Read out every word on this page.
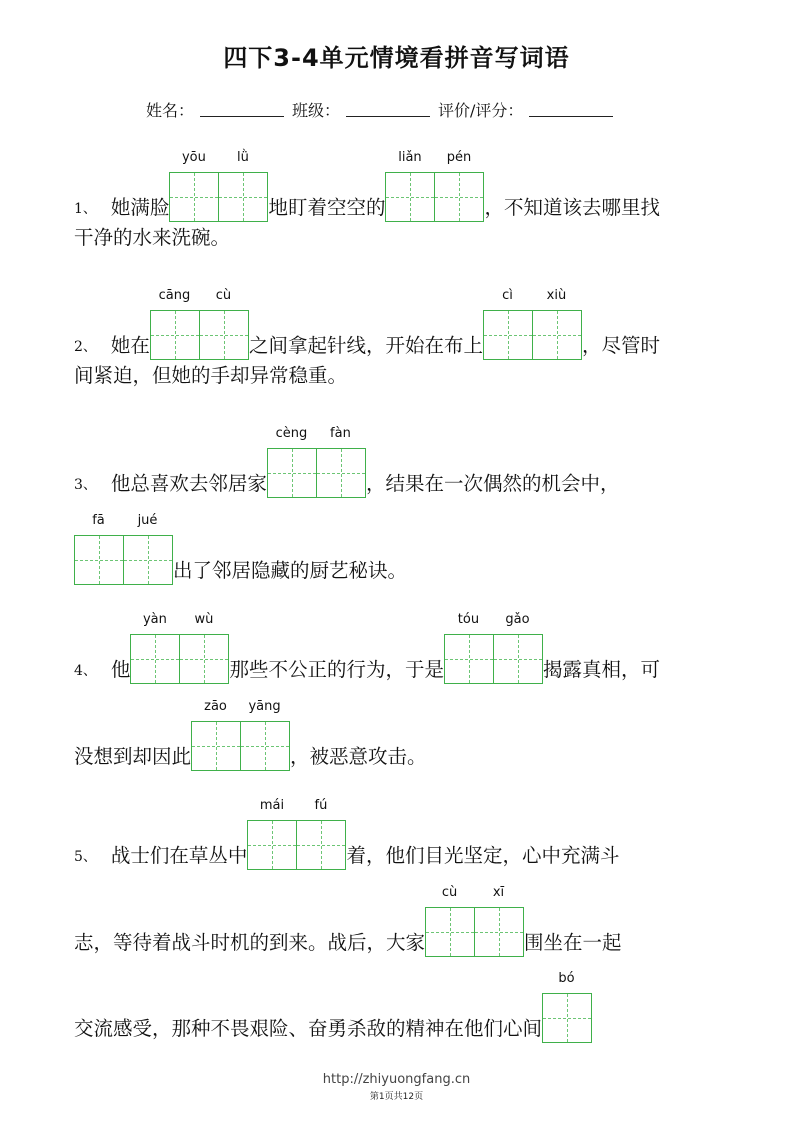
四下3-4单元情境看拼音写词语
姓名：	班级：	评价/评分：
1、 她满脸
yōu	lǜ
地盯着空空的
liǎn	pén
，不知道该去哪里找
干净的水来洗碗。
2、 她在
cāng	cù
之间拿起针线，开始在布上
cì	xiù
，尽管时
间紧迫，但她的手却异常稳重。
3、 他总喜欢去邻居家
cèng	fàn
，结果在一次偶然的机会中，
fā	jué
出了邻居隐藏的厨艺秘诀。
4、 他
yàn	wù
那些不公正的行为，于是
tóu	gǎo
揭露真相，可
没想到却因此
zāo	yāng
，被恶意攻击。
5、 战士们在草丛中
mái	fú
着，他们目光坚定，心中充满斗
志，等待着战斗时机的到来。战后，大家
cù	xī
围坐在一起
交流感受，那种不畏艰险、奋勇杀敌的精神在他们心间
bó
http://zhiyuongfang.cn
第1页共12页
